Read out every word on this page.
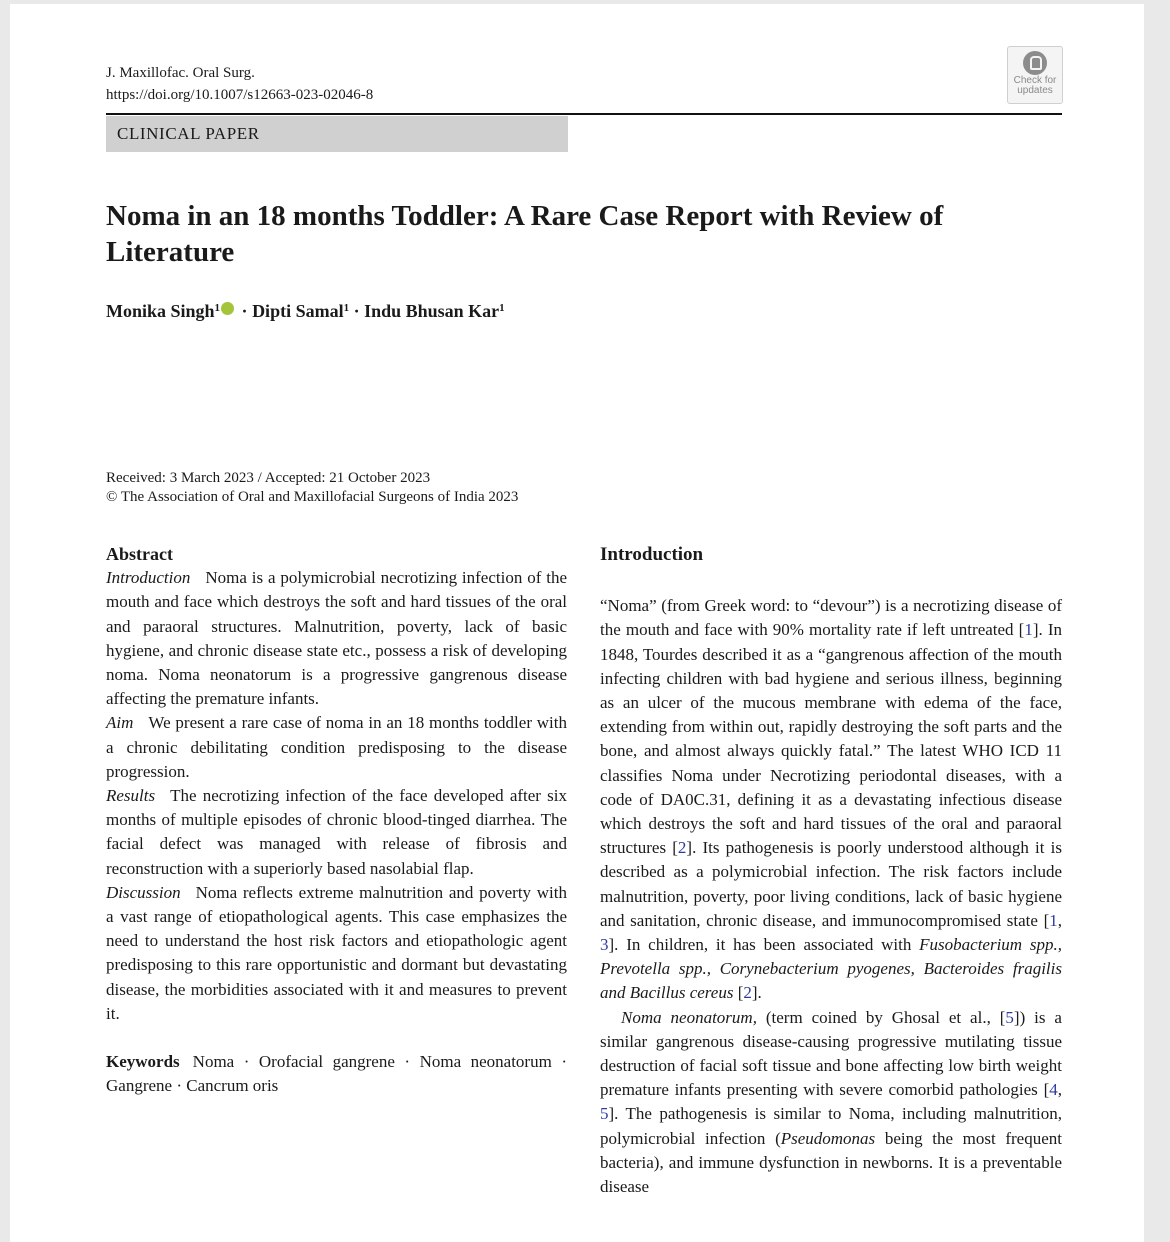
J. Maxillofac. Oral Surg.
https://doi.org/10.1007/s12663-023-02046-8
Check for
updates
CLINICAL PAPER
Noma in an 18 months Toddler: A Rare Case Report with Review of Literature
Monika Singh$^1$ · Dipti Samal$^1$ · Indu Bhusan Kar$^1$
Received: 3 March 2023 / Accepted: 21 October 2023
© The Association of Oral and Maxillofacial Surgeons of India 2023

Abstract

Introduction Noma is a polymicrobial necrotizing infection of the mouth and face which destroys the soft and hard tissues of the oral and paraoral structures. Malnutrition, poverty, lack of basic hygiene, and chronic disease state etc., possess a risk of developing noma. Noma neonatorum is a progressive gangrenous disease affecting the premature infants.

Aim We present a rare case of noma in an 18 months toddler with a chronic debilitating condition predisposing to the disease progression.

Results The necrotizing infection of the face developed after six months of multiple episodes of chronic blood-tinged diarrhea. The facial defect was managed with release of fibrosis and reconstruction with a superiorly based nasolabial flap.

Discussion Noma reflects extreme malnutrition and poverty with a vast range of etiopathological agents. This case emphasizes the need to understand the host risk factors and etiopathologic agent predisposing to this rare opportunistic and dormant but devastating disease, the morbidities associated with it and measures to prevent it.

Keywords Noma · Orofacial gangrene · Noma neonatorum · Gangrene · Cancrum oris

Introduction

“Noma” (from Greek word: to “devour”) is a necrotizing disease of the mouth and face with 90% mortality rate if left untreated [1]. In 1848, Tourdes described it as a “gangrenous affection of the mouth infecting children with bad hygiene and serious illness, beginning as an ulcer of the mucous membrane with edema of the face, extending from within out, rapidly destroying the soft parts and the bone, and almost always quickly fatal.” The latest WHO ICD 11 classifies Noma under Necrotizing periodontal diseases, with a code of DA0C.31, defining it as a devastating infectious disease which destroys the soft and hard tissues of the oral and paraoral structures [2]. Its pathogenesis is poorly understood although it is described as a polymicrobial infection. The risk factors include malnutrition, poverty, poor living conditions, lack of basic hygiene and sanitation, chronic disease, and immunocompromised state [1, 3]. In children, it has been associated with Fusobacterium spp., Prevotella spp., Corynebacterium pyogenes, Bacteroides fragilis and Bacillus cereus [2].

Noma neonatorum, (term coined by Ghosal et al., [5]) is a similar gangrenous disease-causing progressive mutilating tissue destruction of facial soft tissue and bone affecting low birth weight premature infants presenting with severe comorbid pathologies [4, 5]. The pathogenesis is similar to Noma, including malnutrition, polymicrobial infection (Pseudomonas being the most frequent bacteria), and immune dysfunction in newborns. It is a preventable disease
